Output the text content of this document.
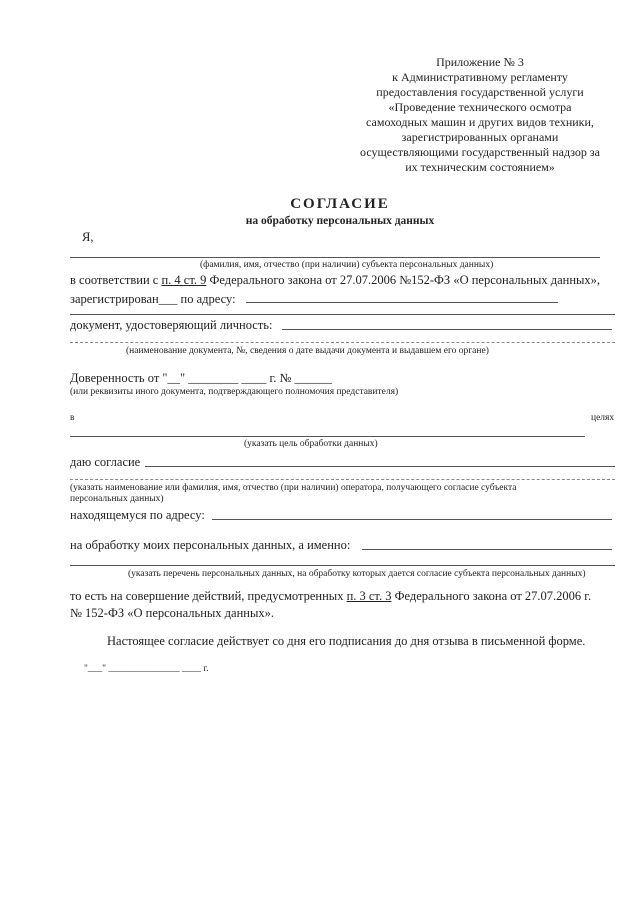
Приложение № 3
к Административному регламенту
предоставления государственной услуги
«Проведение технического осмотра
самоходных машин и других видов техники,
зарегистрированных органами
осуществляющими государственный надзор за
их техническим состоянием»
СОГЛАСИЕ
на обработку персональных данных
Я,
(фамилия, имя, отчество (при наличии) субъекта персональных данных)
в соответствии с п. 4 ст. 9 Федерального закона от 27.07.2006 №152-ФЗ «О персональных данных»,
зарегистрирован___ по адресу:
документ, удостоверяющий личность:
(наименование документа, №, сведения о дате выдачи документа и выдавшем его органе)
Доверенность от "__" ________ ____ г. № ______
(или реквизиты иного документа, подтверждающего полномочия представителя)
в	целях
(указать цель обработки данных)
даю согласие
(указать наименование или фамилия, имя, отчество (при наличии) оператора, получающего согласие субъекта
персональных данных)
находящемуся по адресу:
на обработку моих персональных данных, а именно:
(указать перечень персональных данных, на обработку которых дается согласие субъекта персональных данных)
то есть на совершение действий, предусмотренных п. 3 ст. 3 Федерального закона от 27.07.2006 г.
№ 152-ФЗ «О персональных данных».
Настоящее согласие действует со дня его подписания до дня отзыва в письменной форме.
"___" _______________ ____ г.
